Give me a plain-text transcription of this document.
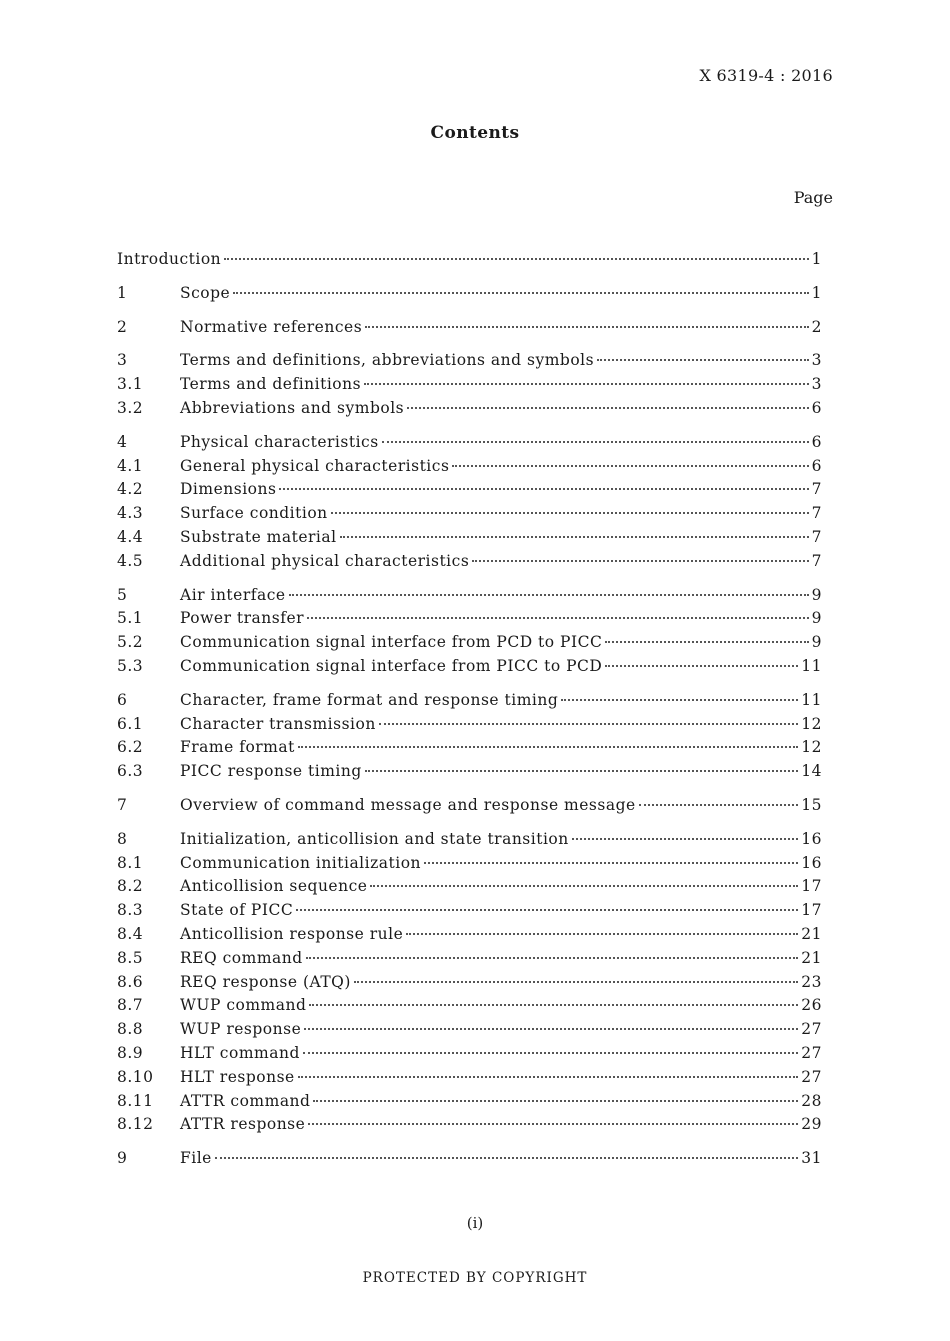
X 6319-4 : 2016
Contents
Page
Introduction	1
1	Scope	1
2	Normative references	2
3	Terms and definitions, abbreviations and symbols	3
3.1	Terms and definitions	3
3.2	Abbreviations and symbols	6
4	Physical characteristics	6
4.1	General physical characteristics	6
4.2	Dimensions	7
4.3	Surface condition	7
4.4	Substrate material	7
4.5	Additional physical characteristics	7
5	Air interface	9
5.1	Power transfer	9
5.2	Communication signal interface from PCD to PICC	9
5.3	Communication signal interface from PICC to PCD	11
6	Character, frame format and response timing	11
6.1	Character transmission	12
6.2	Frame format	12
6.3	PICC response timing	14
7	Overview of command message and response message	15
8	Initialization, anticollision and state transition	16
8.1	Communication initialization	16
8.2	Anticollision sequence	17
8.3	State of PICC	17
8.4	Anticollision response rule	21
8.5	REQ command	21
8.6	REQ response (ATQ)	23
8.7	WUP command	26
8.8	WUP response	27
8.9	HLT command	27
8.10	HLT response	27
8.11	ATTR command	28
8.12	ATTR response	29
9	File	31
(i)
PROTECTED BY COPYRIGHT
